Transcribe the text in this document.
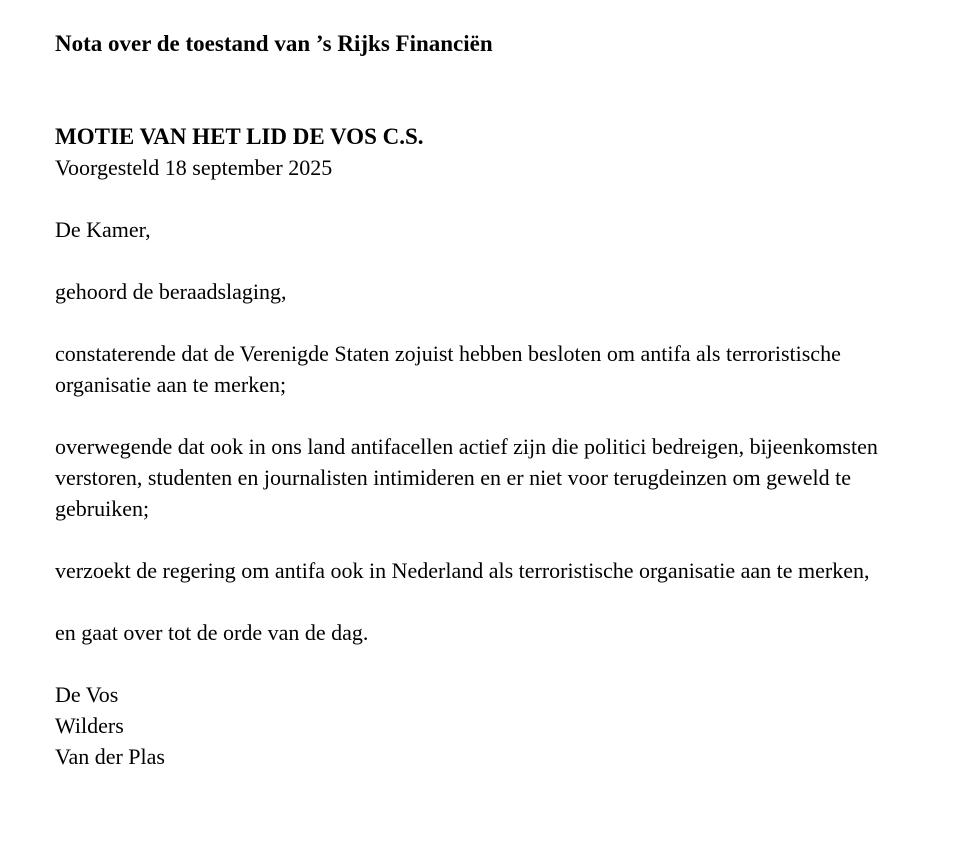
Nota over de toestand van ’s Rijks Financiën
MOTIE VAN HET LID DE VOS C.S.
Voorgesteld 18 september 2025

De Kamer,

gehoord de beraadslaging,

constaterende dat de Verenigde Staten zojuist hebben besloten om antifa als terroristische organisatie aan te merken;

overwegende dat ook in ons land antifacellen actief zijn die politici bedreigen, bijeenkomsten verstoren, studenten en journalisten intimideren en er niet voor terugdeinzen om geweld te gebruiken;

verzoekt de regering om antifa ook in Nederland als terroristische organisatie aan te merken,

en gaat over tot de orde van de dag.

De Vos
Wilders
Van der Plas
